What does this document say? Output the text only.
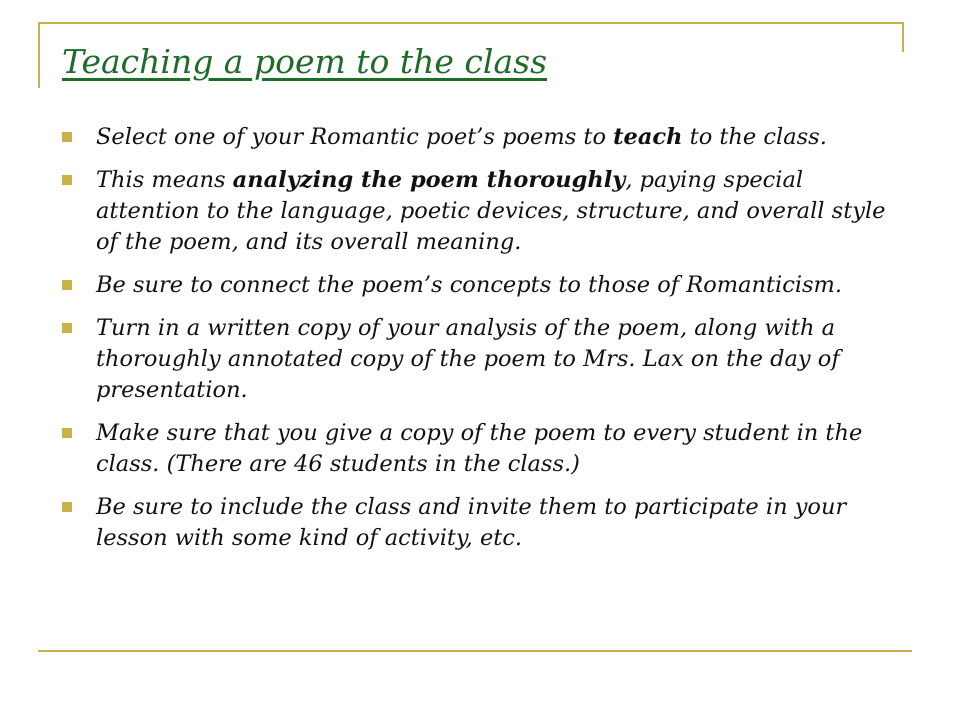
Teaching a poem to the class
Select one of your Romantic poet’s poems to teach to the class.
This means analyzing the poem thoroughly, paying special attention to the language, poetic devices, structure, and overall style of the poem, and its overall meaning.
Be sure to connect the poem’s concepts to those of Romanticism.
Turn in a written copy of your analysis of the poem, along with a thoroughly annotated copy of the poem to Mrs. Lax on the day of presentation.
Make sure that you give a copy of the poem to every student in the class. (There are 46 students in the class.)
Be sure to include the class and invite them to participate in your lesson with some kind of activity, etc.
